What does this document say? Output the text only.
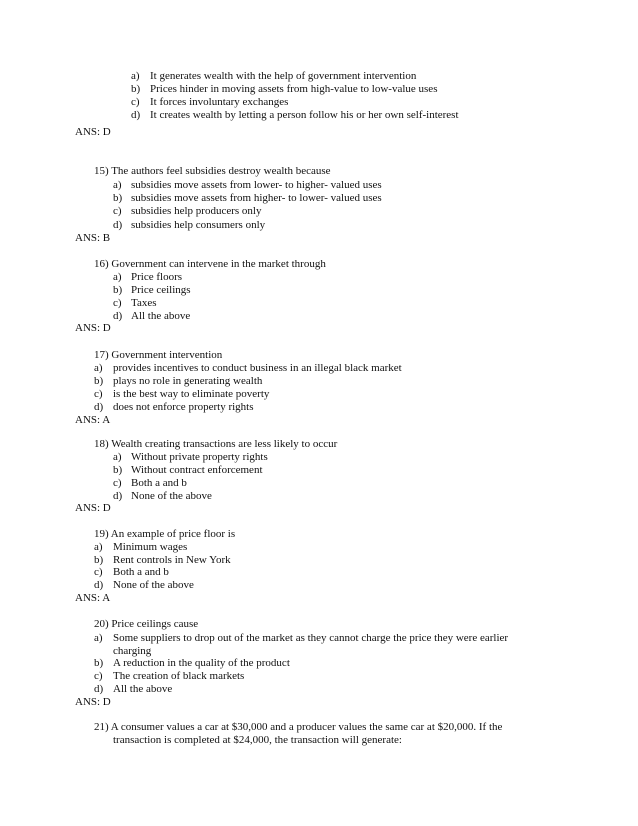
a) It generates wealth with the help of government intervention
b) Prices hinder in moving assets from high-value to low-value uses
c) It forces involuntary exchanges
d) It creates wealth by letting a person follow his or her own self-interest
ANS: D
15) The authors feel subsidies destroy wealth because
a) subsidies move assets from lower- to higher- valued uses
b) subsidies move assets from higher- to lower- valued uses
c) subsidies help producers only
d) subsidies help consumers only
ANS: B
16) Government can intervene in the market through
a) Price floors
b) Price ceilings
c) Taxes
d) All the above
ANS: D
17) Government intervention
a) provides incentives to conduct business in an illegal black market
b) plays no role in generating wealth
c) is the best way to eliminate poverty
d) does not enforce property rights
ANS: A
18) Wealth creating transactions are less likely to occur
a) Without private property rights
b) Without contract enforcement
c) Both a and b
d) None of the above
ANS: D
19) An example of price floor is
a) Minimum wages
b) Rent controls in New York
c) Both a and b
d) None of the above
ANS: A
20) Price ceilings cause
a) Some suppliers to drop out of the market as they cannot charge the price they were earlier
charging
b) A reduction in the quality of the product
c) The creation of black markets
d) All the above
ANS: D
21) A consumer values a car at $30,000 and a producer values the same car at $20,000. If the
transaction is completed at $24,000, the transaction will generate:
